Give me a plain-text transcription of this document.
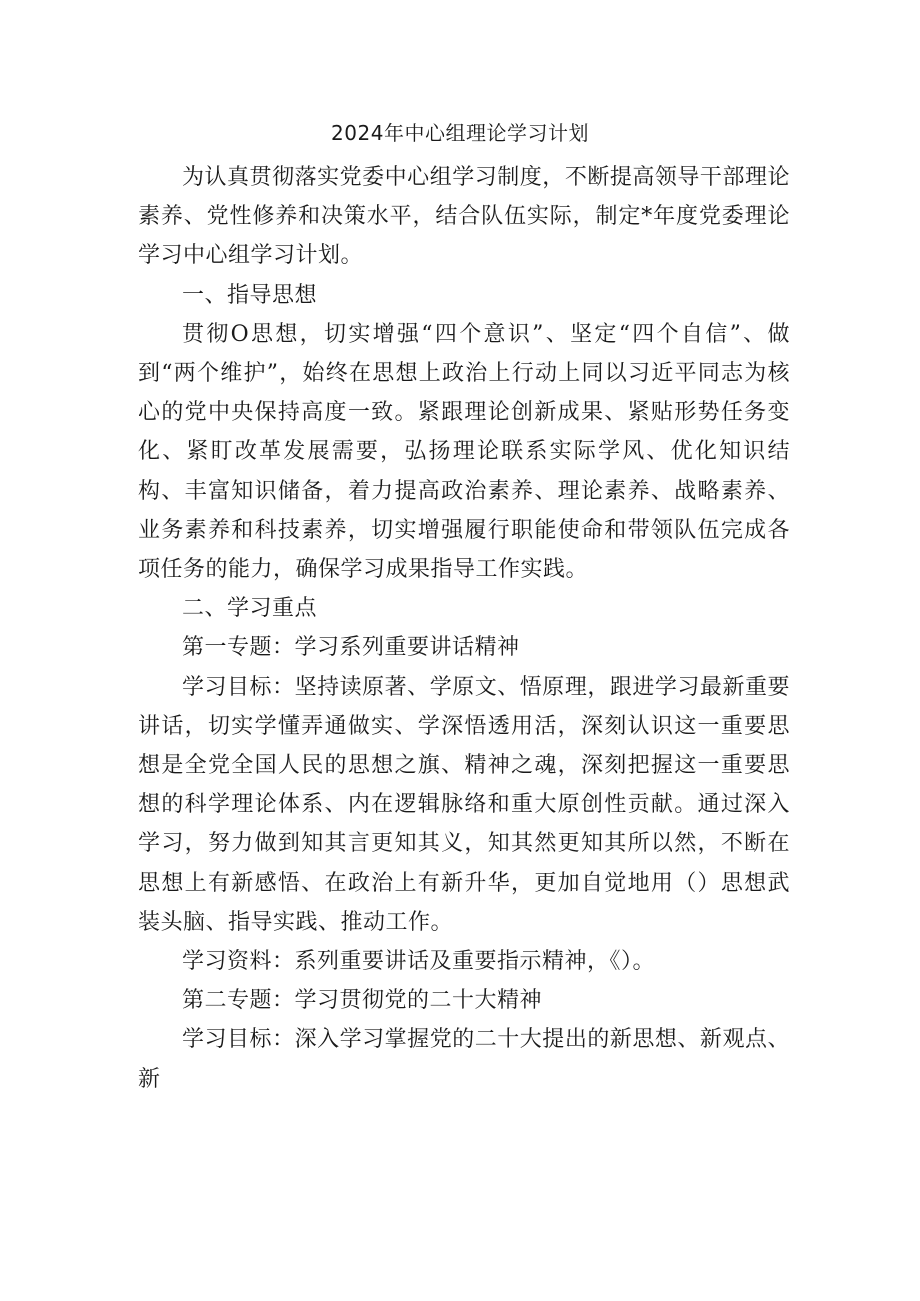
2024年中心组理论学习计划

为认真贯彻落实党委中心组学习制度，不断提高领导干部理论素养、党性修养和决策水平，结合队伍实际，制定*年度党委理论学习中心组学习计划。

一、指导思想

贯彻O思想，切实增强“四个意识”、坚定“四个自信”、做到“两个维护”，始终在思想上政治上行动上同以习近平同志为核心的党中央保持高度一致。紧跟理论创新成果、紧贴形势任务变化、紧盯改革发展需要，弘扬理论联系实际学风、优化知识结构、丰富知识储备，着力提高政治素养、理论素养、战略素养、业务素养和科技素养，切实增强履行职能使命和带领队伍完成各项任务的能力，确保学习成果指导工作实践。

二、学习重点

第一专题：学习系列重要讲话精神

学习目标：坚持读原著、学原文、悟原理，跟进学习最新重要讲话，切实学懂弄通做实、学深悟透用活，深刻认识这一重要思想是全党全国人民的思想之旗、精神之魂，深刻把握这一重要思想的科学理论体系、内在逻辑脉络和重大原创性贡献。通过深入学习，努力做到知其言更知其义，知其然更知其所以然，不断在思想上有新感悟、在政治上有新升华，更加自觉地用（）思想武装头脑、指导实践、推动工作。

学习资料：系列重要讲话及重要指示精神，《）。

第二专题：学习贯彻党的二十大精神

学习目标：深入学习掌握党的二十大提出的新思想、新观点、新
